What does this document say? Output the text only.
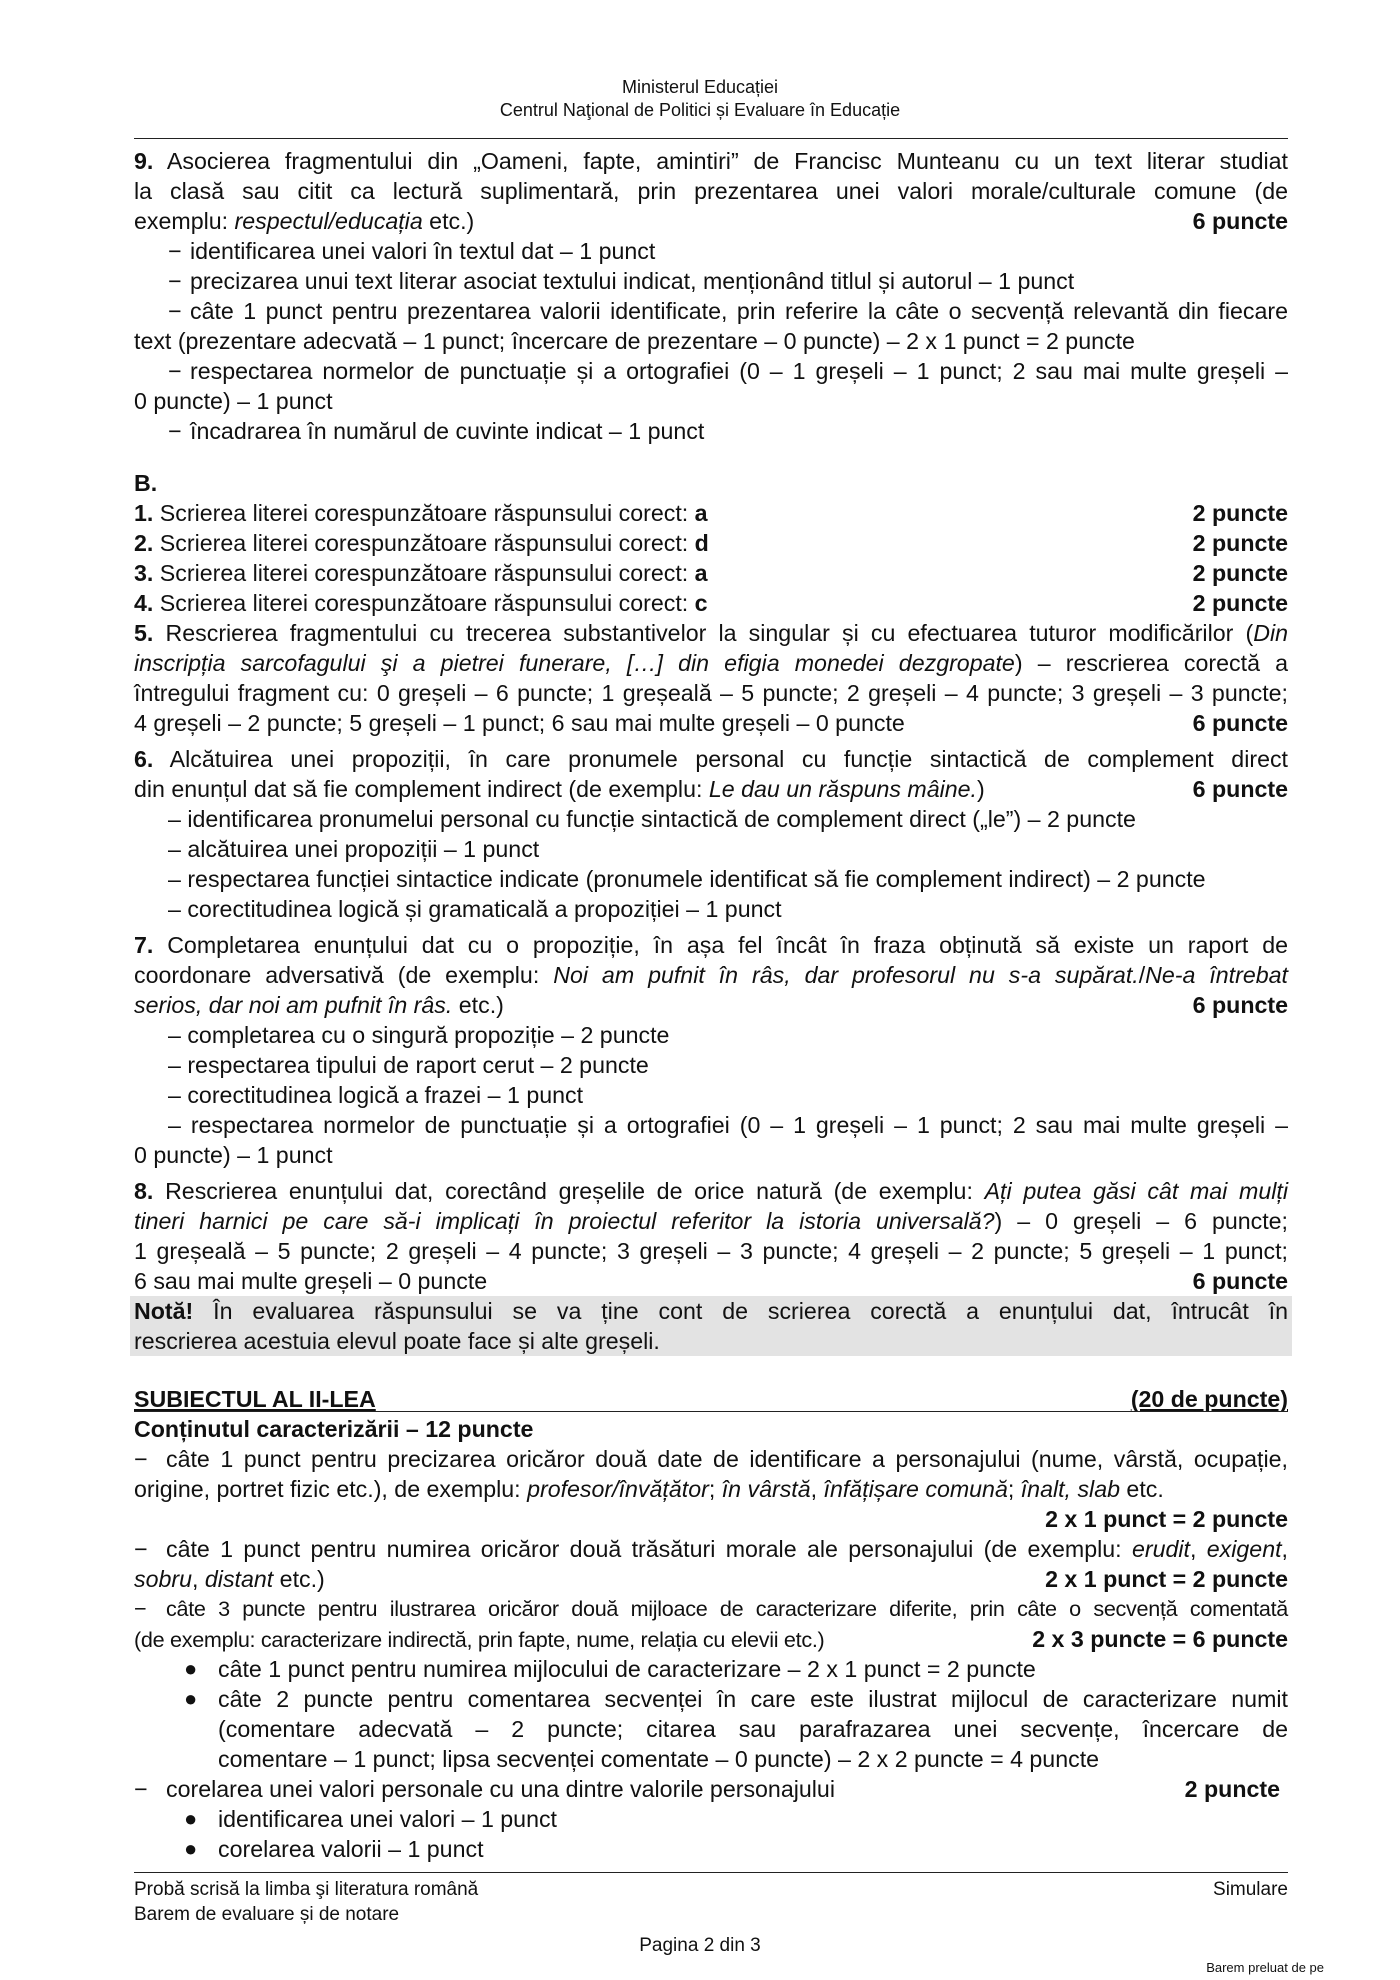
Ministerul Educației
Centrul Naţional de Politici și Evaluare în Educație
9. Asocierea fragmentului din „Oameni, fapte, amintiri” de Francisc Munteanu cu un text literar studiat
la clasă sau citit ca lectură suplimentară, prin prezentarea unei valori morale/culturale comune (de
exemplu: respectul/educația etc.)	6 puncte
− identificarea unei valori în textul dat – 1 punct
− precizarea unui text literar asociat textului indicat, menționând titlul și autorul – 1 punct
− câte 1 punct pentru prezentarea valorii identificate, prin referire la câte o secvență relevantă din fiecare
text (prezentare adecvată – 1 punct; încercare de prezentare – 0 puncte) – 2 x 1 punct = 2 puncte
− respectarea normelor de punctuație și a ortografiei (0 – 1 greșeli – 1 punct; 2 sau mai multe greșeli –
0 puncte) – 1 punct
− încadrarea în numărul de cuvinte indicat – 1 punct
B.
1. Scrierea literei corespunzătoare răspunsului corect: a	2 puncte
2. Scrierea literei corespunzătoare răspunsului corect: d	2 puncte
3. Scrierea literei corespunzătoare răspunsului corect: a	2 puncte
4. Scrierea literei corespunzătoare răspunsului corect: c	2 puncte
5. Rescrierea fragmentului cu trecerea substantivelor la singular și cu efectuarea tuturor modificărilor (Din
inscripția sarcofagului şi a pietrei funerare, […] din efigia monedei dezgropate) – rescrierea corectă a
întregului fragment cu: 0 greșeli – 6 puncte; 1 greșeală – 5 puncte; 2 greșeli – 4 puncte; 3 greșeli – 3 puncte;
4 greșeli – 2 puncte; 5 greșeli – 1 punct; 6 sau mai multe greșeli – 0 puncte	6 puncte
6. Alcătuirea unei propoziții, în care pronumele personal cu funcție sintactică de complement direct
din enunțul dat să fie complement indirect (de exemplu: Le dau un răspuns mâine.)	6 puncte
– identificarea pronumelui personal cu funcție sintactică de complement direct („le”) – 2 puncte
– alcătuirea unei propoziții – 1 punct
– respectarea funcției sintactice indicate (pronumele identificat să fie complement indirect) – 2 puncte
– corectitudinea logică și gramaticală a propoziției – 1 punct
7. Completarea enunțului dat cu o propoziție, în așa fel încât în fraza obținută să existe un raport de
coordonare adversativă (de exemplu: Noi am pufnit în râs, dar profesorul nu s-a supărat./Ne-a întrebat
serios, dar noi am pufnit în râs. etc.)	6 puncte
– completarea cu o singură propoziție – 2 puncte
– respectarea tipului de raport cerut – 2 puncte
– corectitudinea logică a frazei – 1 punct
– respectarea normelor de punctuație și a ortografiei (0 – 1 greșeli – 1 punct; 2 sau mai multe greșeli –
0 puncte) – 1 punct
8. Rescrierea enunțului dat, corectând greșelile de orice natură (de exemplu: Ați putea găsi cât mai mulți
tineri harnici pe care să-i implicați în proiectul referitor la istoria universală?) – 0 greșeli – 6 puncte;
1 greșeală – 5 puncte; 2 greșeli – 4 puncte; 3 greșeli – 3 puncte; 4 greșeli – 2 puncte; 5 greșeli – 1 punct;
6 sau mai multe greșeli – 0 puncte	6 puncte
Notă! În evaluarea răspunsului se va ține cont de scrierea corectă a enunțului dat, întrucât în
rescrierea acestuia elevul poate face și alte greșeli.
SUBIECTUL AL II-LEA	(20 de puncte)
Conținutul caracterizării – 12 puncte
− câte 1 punct pentru precizarea oricăror două date de identificare a personajului (nume, vârstă, ocupație,
origine, portret fizic etc.), de exemplu: profesor/învățător; în vârstă, înfățișare comună; înalt, slab etc.
2 x 1 punct = 2 puncte
− câte 1 punct pentru numirea oricăror două trăsături morale ale personajului (de exemplu: erudit, exigent,
sobru, distant etc.)	2 x 1 punct = 2 puncte
− câte 3 puncte pentru ilustrarea oricăror două mijloace de caracterizare diferite, prin câte o secvență comentată
(de exemplu: caracterizare indirectă, prin fapte, nume, relația cu elevii etc.)	2 x 3 puncte = 6 puncte
● câte 1 punct pentru numirea mijlocului de caracterizare – 2 x 1 punct = 2 puncte
● câte 2 puncte pentru comentarea secvenței în care este ilustrat mijlocul de caracterizare numit
(comentare adecvată – 2 puncte; citarea sau parafrazarea unei secvențe, încercare de
comentare – 1 punct; lipsa secvenței comentate – 0 puncte) – 2 x 2 puncte = 4 puncte
− corelarea unei valori personale cu una dintre valorile personajului	2 puncte
● identificarea unei valori – 1 punct
● corelarea valorii – 1 punct
Probă scrisă la limba şi literatura română
Barem de evaluare și de notare
Simulare
Pagina 2 din 3
Barem preluat de pe
